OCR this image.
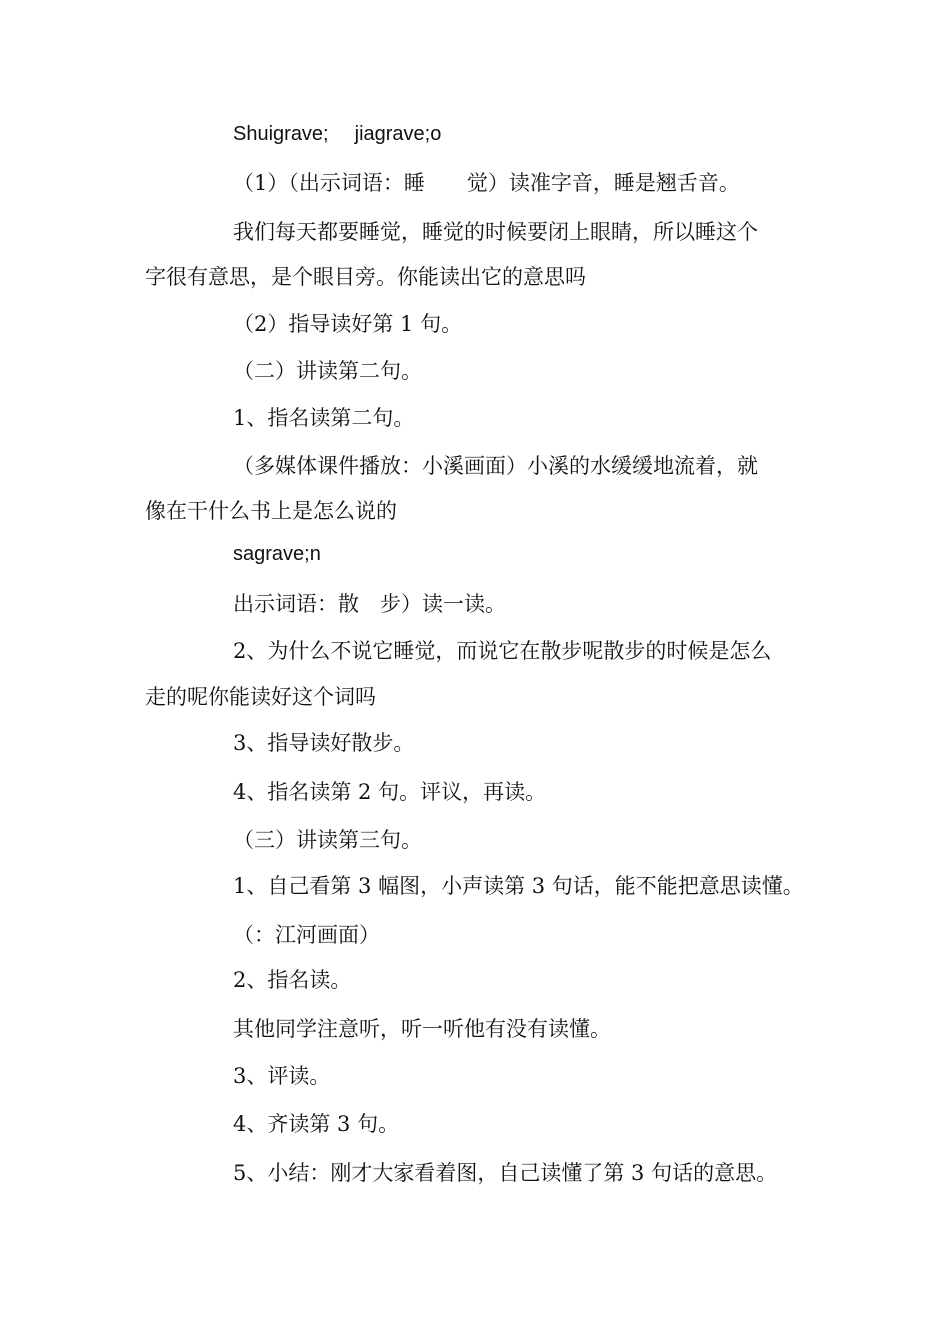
Shuigrave; jiagrave;o
（1）（出示词语：睡　　觉）读准字音，睡是翘舌音。
我们每天都要睡觉，睡觉的时候要闭上眼睛，所以睡这个
字很有意思，是个眼目旁。你能读出它的意思吗
（2）指导读好第 1 句。
（二）讲读第二句。
1、指名读第二句。
（多媒体课件播放：小溪画面）小溪的水缓缓地流着，就
像在干什么书上是怎么说的
sagrave;n
出示词语：散　步）读一读。
2、为什么不说它睡觉，而说它在散步呢散步的时候是怎么
走的呢你能读好这个词吗
3、指导读好散步。
4、指名读第 2 句。评议，再读。
（三）讲读第三句。
1、自己看第 3 幅图，小声读第 3 句话，能不能把意思读懂。
（：江河画面）
2、指名读。
其他同学注意听，听一听他有没有读懂。
3、评读。
4、齐读第 3 句。
5、小结：刚才大家看着图，自己读懂了第 3 句话的意思。
